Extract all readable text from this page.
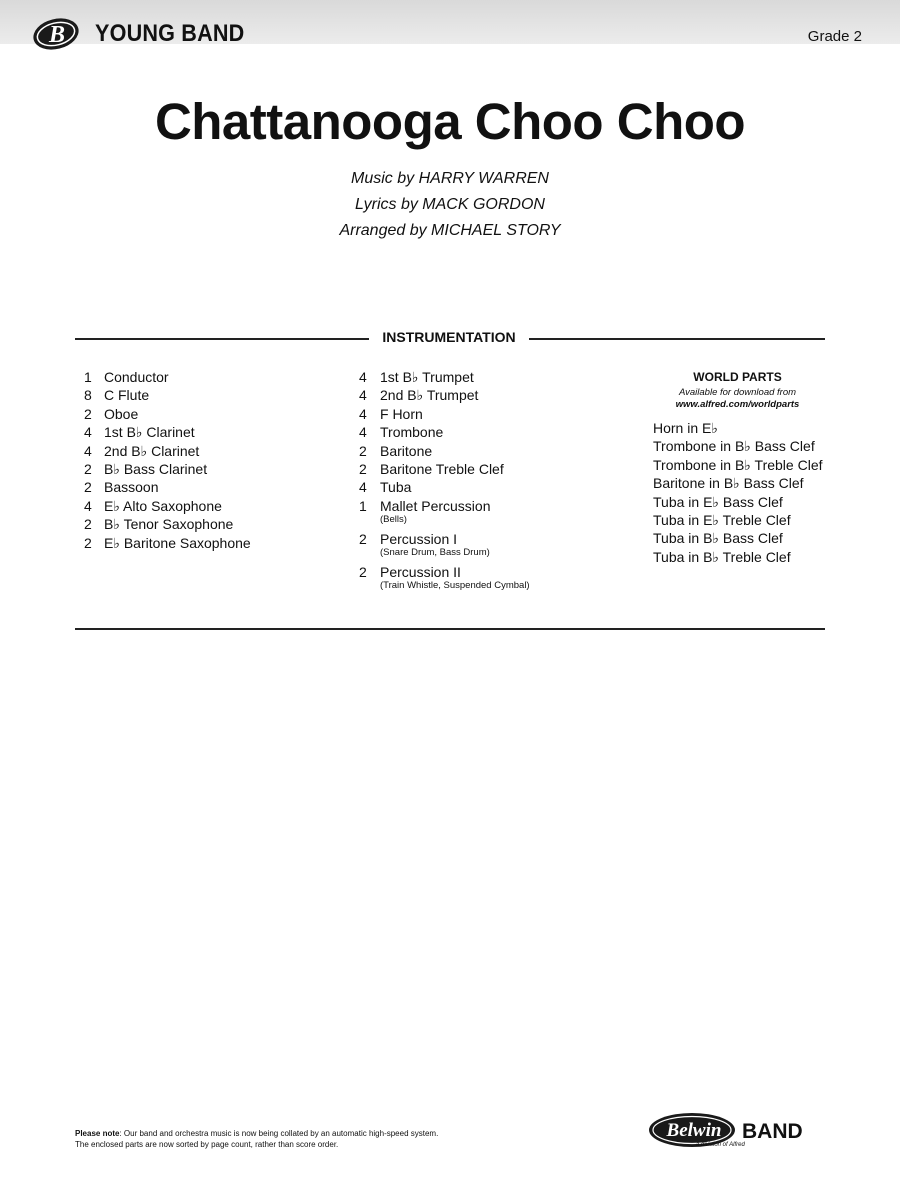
B YOUNG BAND	Grade 2
Chattanooga Choo Choo
Music by HARRY WARREN
Lyrics by MACK GORDON
Arranged by MICHAEL STORY
INSTRUMENTATION
1 Conductor
8 C Flute
2 Oboe
4 1st B♭ Clarinet
4 2nd B♭ Clarinet
2 B♭ Bass Clarinet
2 Bassoon
4 E♭ Alto Saxophone
2 B♭ Tenor Saxophone
2 E♭ Baritone Saxophone
4 1st B♭ Trumpet
4 2nd B♭ Trumpet
4 F Horn
4 Trombone
2 Baritone
2 Baritone Treble Clef
4 Tuba
1 Mallet Percussion
(Bells)
2 Percussion I
(Snare Drum, Bass Drum)
2 Percussion II
(Train Whistle, Suspended Cymbal)
WORLD PARTS
Available for download from
www.alfred.com/worldparts
Horn in E♭
Trombone in B♭ Bass Clef
Trombone in B♭ Treble Clef
Baritone in B♭ Bass Clef
Tuba in E♭ Bass Clef
Tuba in E♭ Treble Clef
Tuba in B♭ Bass Clef
Tuba in B♭ Treble Clef
Please note: Our band and orchestra music is now being collated by an automatic high-speed system.
The enclosed parts are now sorted by page count, rather than score order.
Belwin BAND
a division of Alfred
